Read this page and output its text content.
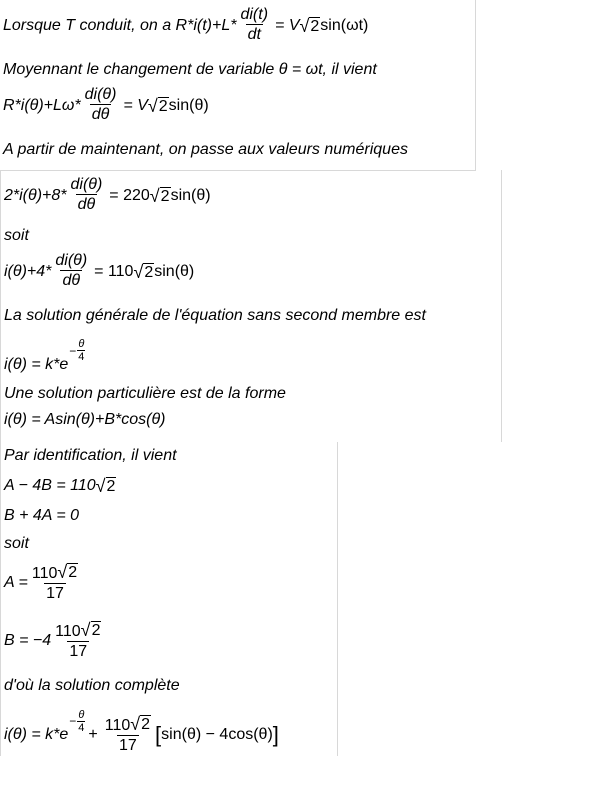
Lorsque T conduit, on a $R*i(t)+L* \frac{di(t)}{dt} = V$ √ 2 sin(ωt)
Moyennant le changement de variable θ = ωt, il vient
$R*i(\theta)+L\omega* \frac{di(\theta)}{d\theta} = V$ √ 2 sin(θ)
A partir de maintenant, on passe aux valeurs numériques
$2*i(\theta)+8* \frac{di(\theta)}{d\theta} = 220$ √ 2 sin(θ)
soit
$i(\theta)+4* \frac{di(\theta)}{d\theta} = 110$ √ 2 sin(θ)
La solution générale de l'équation sans second membre est
i(θ) = k*e
− $\frac{\theta}{4}$
Une solution particulière est de la forme
i(θ) = Asin(θ)+B*cos(θ)
Par identification, il vient
A − 4B = 110 √ 2
B + 4A = 0
soit
$A = \frac{110 √ 2}{17}$
$B = -4 \frac{110 √ 2}{17}$
d'où la solution complète
i(θ) = k*e
− $\frac{\theta}{4}$
+ $\frac{110 √ 2}{17}$ [ sin(θ) − 4cos(θ) ]
